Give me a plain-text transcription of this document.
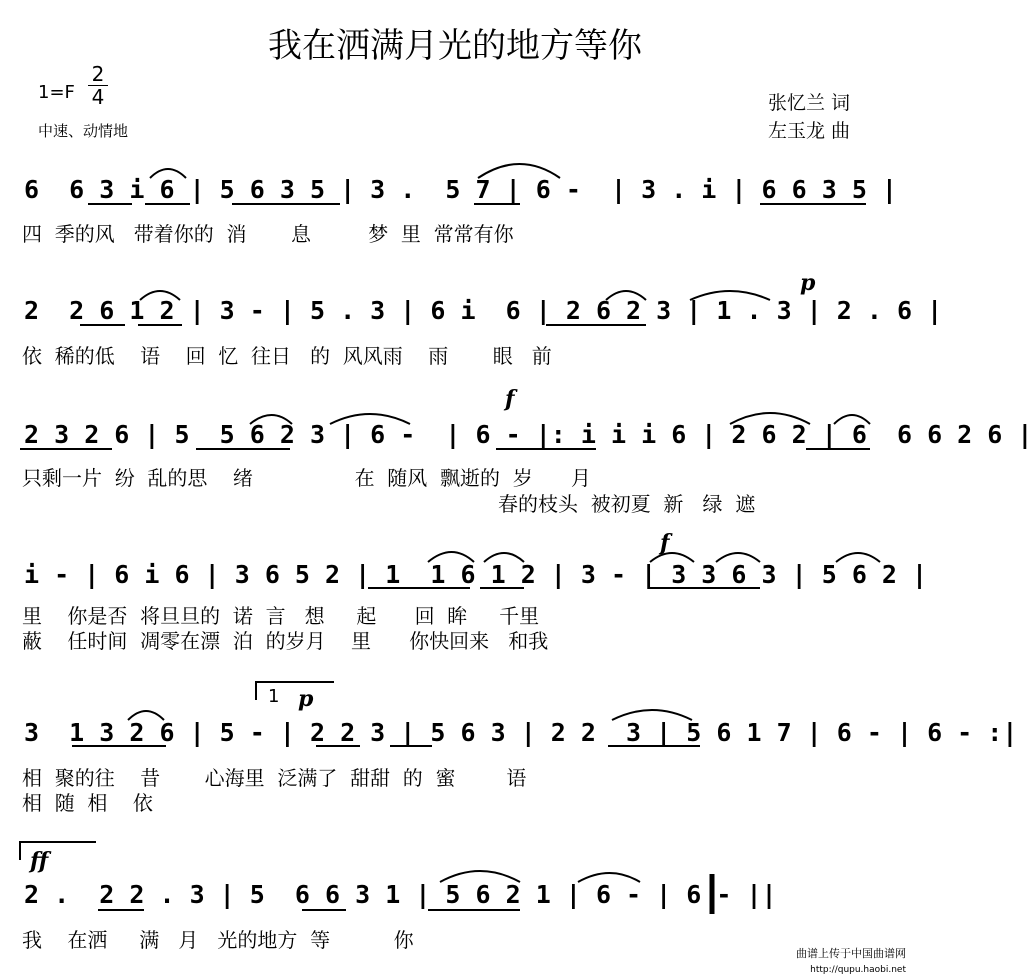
我在洒满月光的地方等你
1=F
2
4
中速、动情地
张忆兰 词
左玉龙 曲
6  6 3 i 6 | 5 6 3 5 | 3 .  5 7 | 6 -  | 3 . i | 6 6 3 5 |
四  季的风   带着你的  消       息         梦  里  常常有你
2  2 6 1 2 | 3 - | 5 . 3 | 6 i  6 | 2 6 2 3 | 1 . 3 | 2 . 6 |
依  稀的低    语    回  忆  往日   的  风风雨    雨       眼   前
2 3 2 6 | 5  5 6 2 3 | 6 -  | 6 - |: i i i 6 | 2 6 2 | 6  6 6 2 6 |
只剩一片  纷  乱的思    绪                在  随风  飘逝的  岁      月
春的枝头  被初夏  新   绿  遮
i - | 6 i 6 | 3 6 5 2 | 1  1 6 1 2 | 3 - | 3 3 6 3 | 5 6 2 |
里    你是否  将旦旦的  诺  言   想     起      回  眸     千里
蔽    任时间  凋零在漂  泊  的岁月    里      你快回来   和我
1
3  1 3 2 6 | 5 - | 2 2 3 | 5 6 3 | 2 2  3 | 5 6 1 7 | 6 - | 6 - :|
相  聚的往    昔       心海里  泛满了  甜甜  的  蜜        语
相  随  相    依
2 .  2 2 . 3 | 5  6 6 3 1 | 5 6 2 1 | 6 - | 6 - ||
我    在洒     满   月   光的地方  等          你
p
f
f
p
ff
曲谱上传于中国曲谱网
http://qupu.haobi.net
